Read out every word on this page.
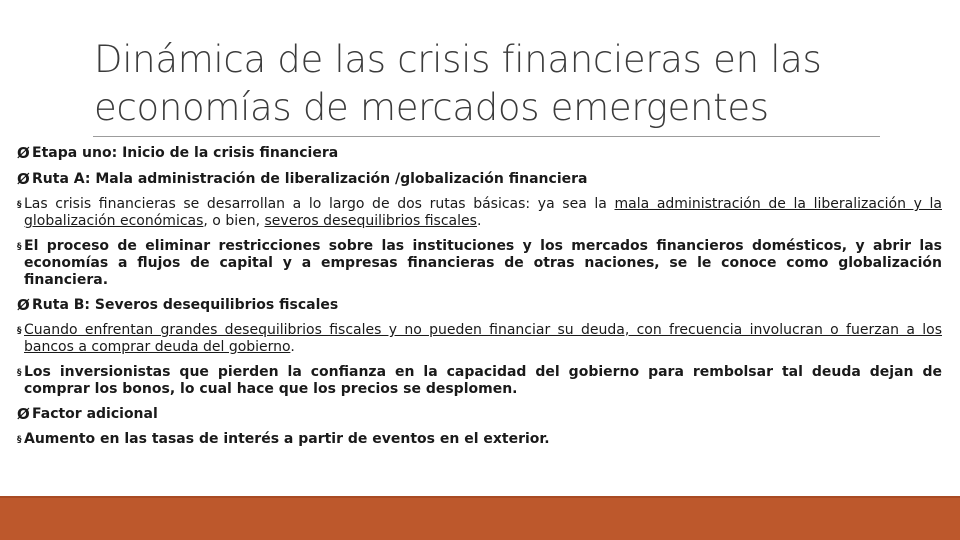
Dinámica de las crisis financieras en las
economías de mercados emergentes

Ø Etapa uno: Inicio de la crisis financiera

Ø Ruta A: Mala administración de liberalización /globalización financiera

§ Las crisis financieras se desarrollan a lo largo de dos rutas básicas: ya sea la mala administración de la liberalización y la globalización económicas, o bien, severos desequilibrios fiscales.

§ El proceso de eliminar restricciones sobre las instituciones y los mercados financieros domésticos, y abrir las economías a flujos de capital y a empresas financieras de otras naciones, se le conoce como globalización financiera.

Ø Ruta B: Severos desequilibrios fiscales

§ Cuando enfrentan grandes desequilibrios fiscales y no pueden financiar su deuda, con frecuencia involucran o fuerzan a los bancos a comprar deuda del gobierno.

§ Los inversionistas que pierden la confianza en la capacidad del gobierno para rembolsar tal deuda dejan de comprar los bonos, lo cual hace que los precios se desplomen.

Ø Factor adicional

§ Aumento en las tasas de interés a partir de eventos en el exterior.
